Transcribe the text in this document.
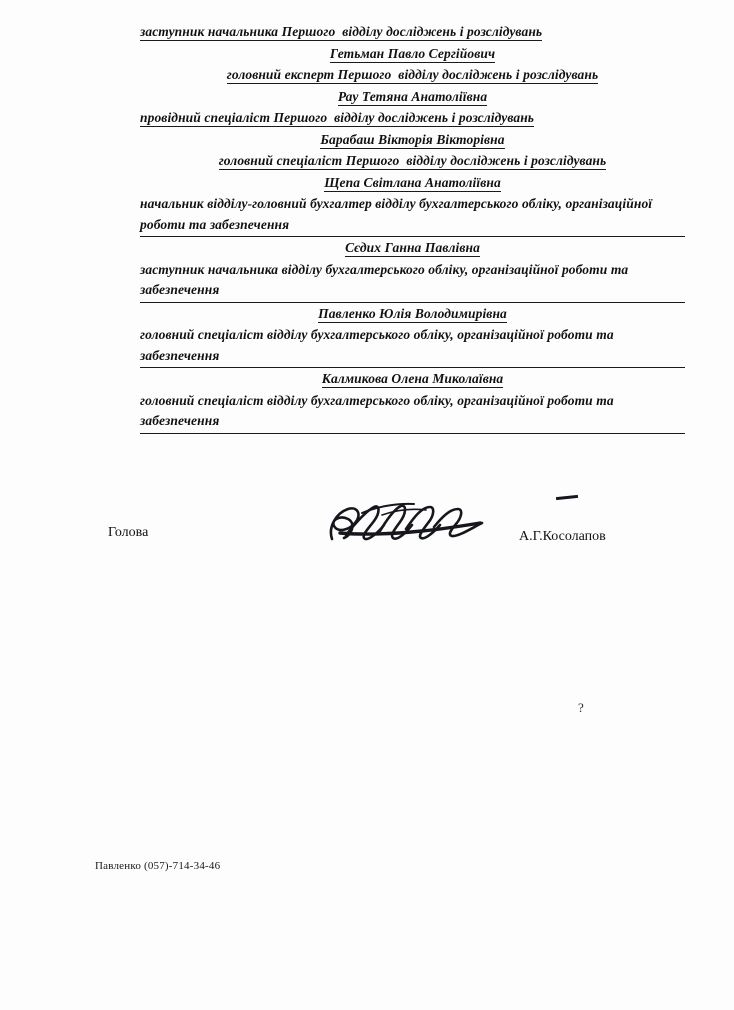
заступник начальника Першого  відділу досліджень і розслідувань
Гетьман Павло Сергійович
головний експерт Першого  відділу досліджень і розслідувань
Рау Тетяна Анатоліївна
провідний спеціаліст Першого  відділу досліджень і розслідувань
Барабаш Вікторія Вікторівна
головний спеціаліст Першого  відділу досліджень і розслідувань
Щепа Світлана Анатоліївна
начальник відділу-головний бухгалтер відділу бухгалтерського обліку, організаційної роботи та забезпечення
Сєдих Ганна Павлівна
заступник начальника відділу бухгалтерського обліку, організаційної роботи та забезпечення
Павленко Юлія Володимирівна
головний спеціаліст відділу бухгалтерського обліку, організаційної роботи та забезпечення
Калмикова Олена Миколаївна
головний спеціаліст відділу бухгалтерського обліку, організаційної роботи та забезпечення
Голова	А.Г.Косолапов
?
Павленко (057)-714-34-46
